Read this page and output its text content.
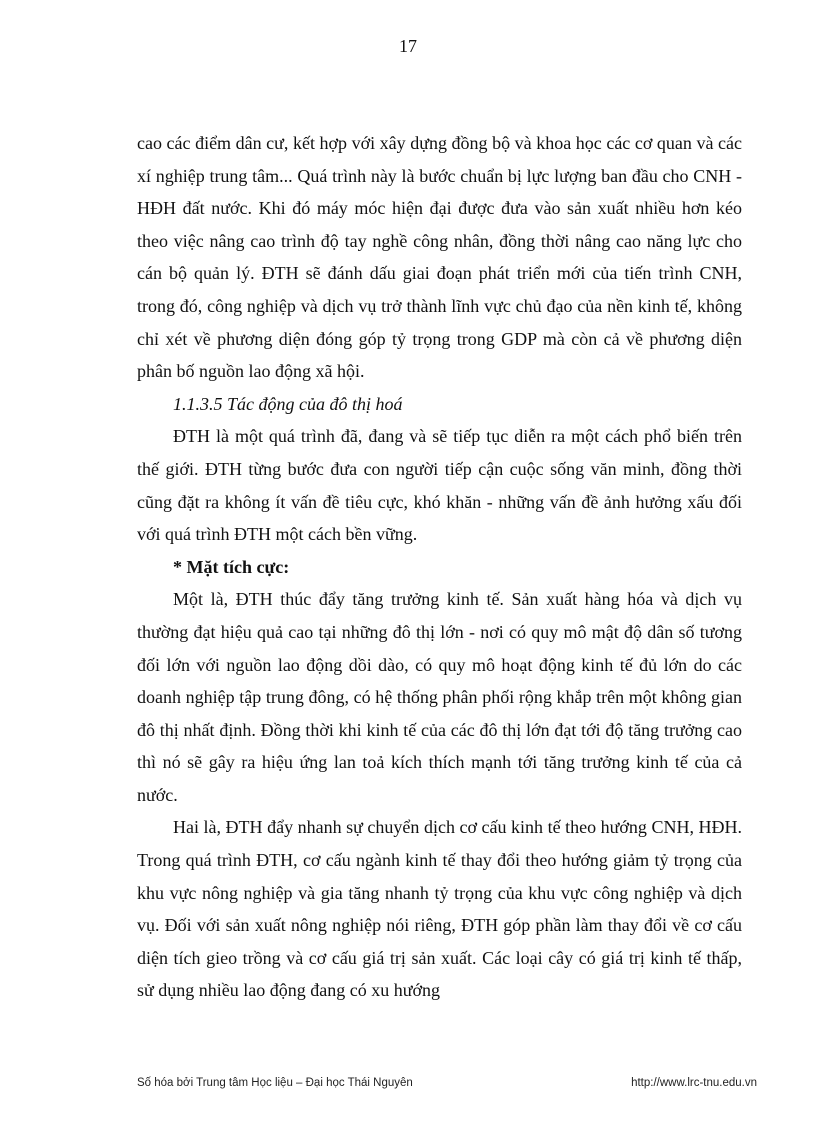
17

cao các điểm dân cư, kết hợp với xây dựng đồng bộ và khoa học các cơ quan và các xí nghiệp trung tâm... Quá trình này là bước chuẩn bị lực lượng ban đầu cho CNH - HĐH đất nước. Khi đó máy móc hiện đại được đưa vào sản xuất nhiều hơn kéo theo việc nâng cao trình độ tay nghề công nhân, đồng thời nâng cao năng lực cho cán bộ quản lý. ĐTH sẽ đánh dấu giai đoạn phát triển mới của tiến trình CNH, trong đó, công nghiệp và dịch vụ trở thành lĩnh vực chủ đạo của nền kinh tế, không chỉ xét về phương diện đóng góp tỷ trọng trong GDP mà còn cả về phương diện phân bố nguồn lao động xã hội.

1.1.3.5 Tác động của đô thị hoá

ĐTH là một quá trình đã, đang và sẽ tiếp tục diễn ra một cách phổ biến trên thế giới. ĐTH từng bước đưa con người tiếp cận cuộc sống văn minh, đồng thời cũng đặt ra không ít vấn đề tiêu cực, khó khăn - những vấn đề ảnh hưởng xấu đối với quá trình ĐTH một cách bền vững.

* Mặt tích cực:

Một là, ĐTH thúc đẩy tăng trưởng kinh tế. Sản xuất hàng hóa và dịch vụ thường đạt hiệu quả cao tại những đô thị lớn - nơi có quy mô mật độ dân số tương đối lớn với nguồn lao động dồi dào, có quy mô hoạt động kinh tế đủ lớn do các doanh nghiệp tập trung đông, có hệ thống phân phối rộng khắp trên một không gian đô thị nhất định. Đồng thời khi kinh tế của các đô thị lớn đạt tới độ tăng trưởng cao thì nó sẽ gây ra hiệu ứng lan toả kích thích mạnh tới tăng trưởng kinh tế của cả nước.

Hai là, ĐTH đẩy nhanh sự chuyển dịch cơ cấu kinh tế theo hướng CNH, HĐH. Trong quá trình ĐTH, cơ cấu ngành kinh tế thay đổi theo hướng giảm tỷ trọng của khu vực nông nghiệp và gia tăng nhanh tỷ trọng của khu vực công nghiệp và dịch vụ. Đối với sản xuất nông nghiệp nói riêng, ĐTH góp phần làm thay đổi về cơ cấu diện tích gieo trồng và cơ cấu giá trị sản xuất. Các loại cây có giá trị kinh tế thấp, sử dụng nhiều lao động đang có xu hướng

Số hóa bởi Trung tâm Học liệu – Đại học Thái Nguyên	http://www.lrc-tnu.edu.vn
